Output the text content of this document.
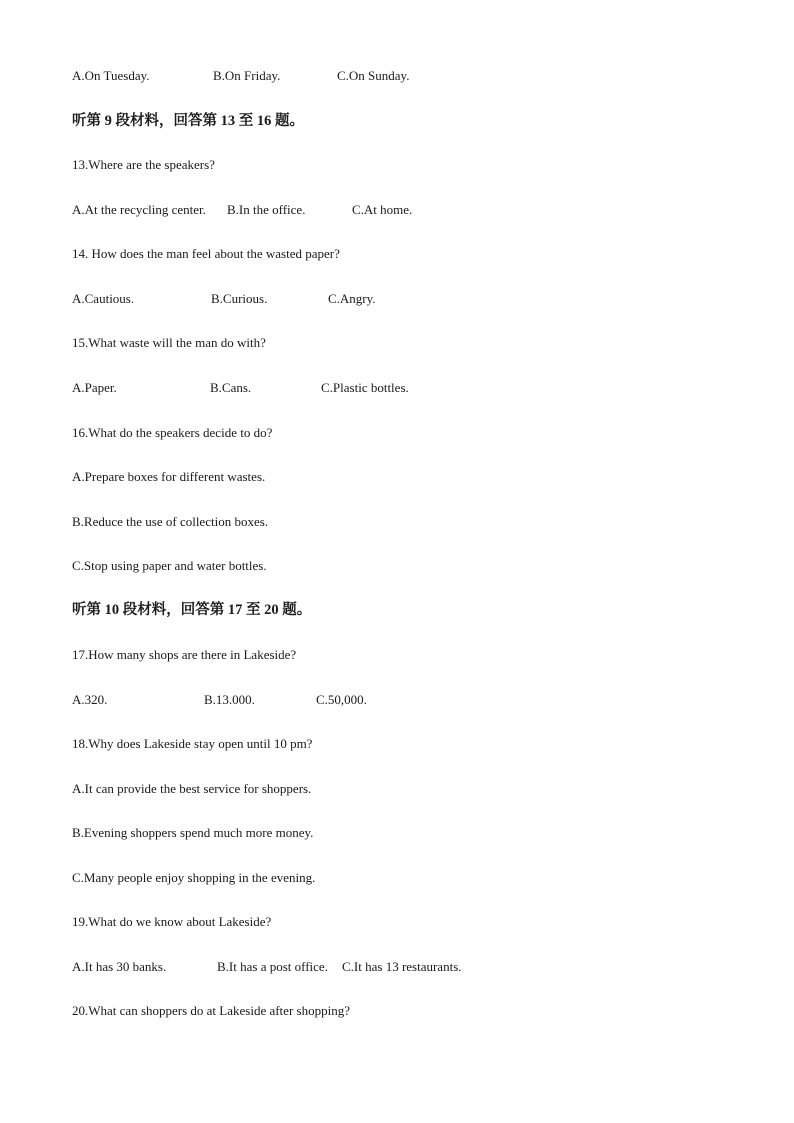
A.On Tuesday.	B.On Friday.	C.On Sunday.
听第 9 段材料，回答第 13 至 16 题。
13.Where are the speakers?
A.At the recycling center. B.In the office.	C.At home.
14. How does the man feel about the wasted paper?
A.Cautious.	B.Curious.	C.Angry.
15.What waste will the man do with?
A.Paper.	B.Cans.	C.Plastic bottles.
16.What do the speakers decide to do?
A.Prepare boxes for different wastes.
B.Reduce the use of collection boxes.
C.Stop using paper and water bottles.
听第 10 段材料，回答第 17 至 20 题。
17.How many shops are there in Lakeside?
A.320.	B.13.000.	C.50,000.
18.Why does Lakeside stay open until 10 pm?
A.It can provide the best service for shoppers.
B.Evening shoppers spend much more money.
C.Many people enjoy shopping in the evening.
19.What do we know about Lakeside?
A.It has 30 banks.	B.It has a post office. C.It has 13 restaurants.
20.What can shoppers do at Lakeside after shopping?
